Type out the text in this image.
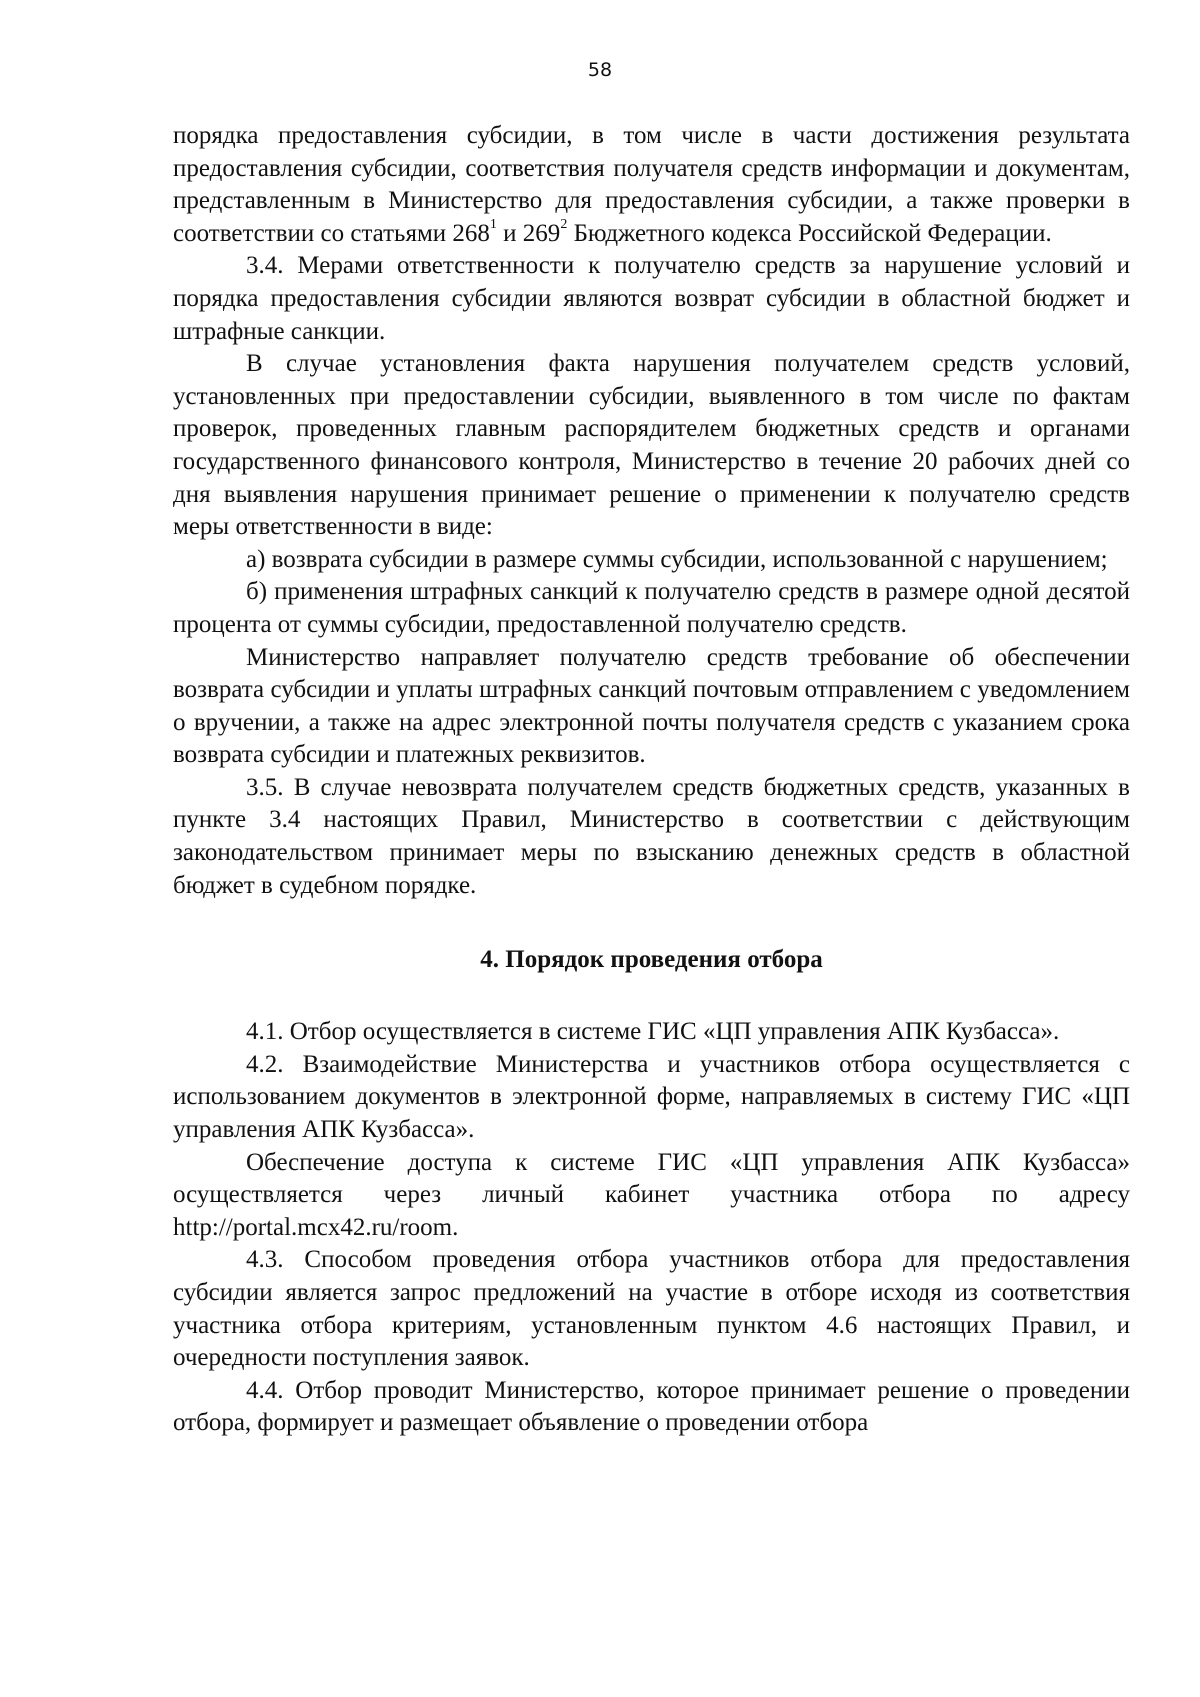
58

порядка предоставления субсидии, в том числе в части достижения результата предоставления субсидии, соответствия получателя средств информации и документам, представленным в Министерство для предоставления субсидии, а также проверки в соответствии со статьями $268^1$ и $269^2$ Бюджетного кодекса Российской Федерации.

3.4. Мерами ответственности к получателю средств за нарушение условий и порядка предоставления субсидии являются возврат субсидии в областной бюджет и штрафные санкции.

В случае установления факта нарушения получателем средств условий, установленных при предоставлении субсидии, выявленного в том числе по фактам проверок, проведенных главным распорядителем бюджетных средств и органами государственного финансового контроля, Министерство в течение 20 рабочих дней со дня выявления нарушения принимает решение о применении к получателю средств меры ответственности в виде:

а) возврата субсидии в размере суммы субсидии, использованной с нарушением;

б) применения штрафных санкций к получателю средств в размере одной десятой процента от суммы субсидии, предоставленной получателю средств.

Министерство направляет получателю средств требование об обеспечении возврата субсидии и уплаты штрафных санкций почтовым отправлением с уведомлением о вручении, а также на адрес электронной почты получателя средств с указанием срока возврата субсидии и платежных реквизитов.

3.5. В случае невозврата получателем средств бюджетных средств, указанных в пункте 3.4 настоящих Правил, Министерство в соответствии с действующим законодательством принимает меры по взысканию денежных средств в областной бюджет в судебном порядке.

4. Порядок проведения отбора

4.1. Отбор осуществляется в системе ГИС «ЦП управления АПК Кузбасса».

4.2. Взаимодействие Министерства и участников отбора осуществляется с использованием документов в электронной форме, направляемых в систему ГИС «ЦП управления АПК Кузбасса».

Обеспечение доступа к системе ГИС «ЦП управления АПК Кузбасса» осуществляется через личный кабинет участника отбора по адресу http://portal.mcx42.ru/room.

4.3. Способом проведения отбора участников отбора для предоставления субсидии является запрос предложений на участие в отборе исходя из соответствия участника отбора критериям, установленным пунктом 4.6 настоящих Правил, и очередности поступления заявок.

4.4. Отбор проводит Министерство, которое принимает решение о проведении отбора, формирует и размещает объявление о проведении отбора
